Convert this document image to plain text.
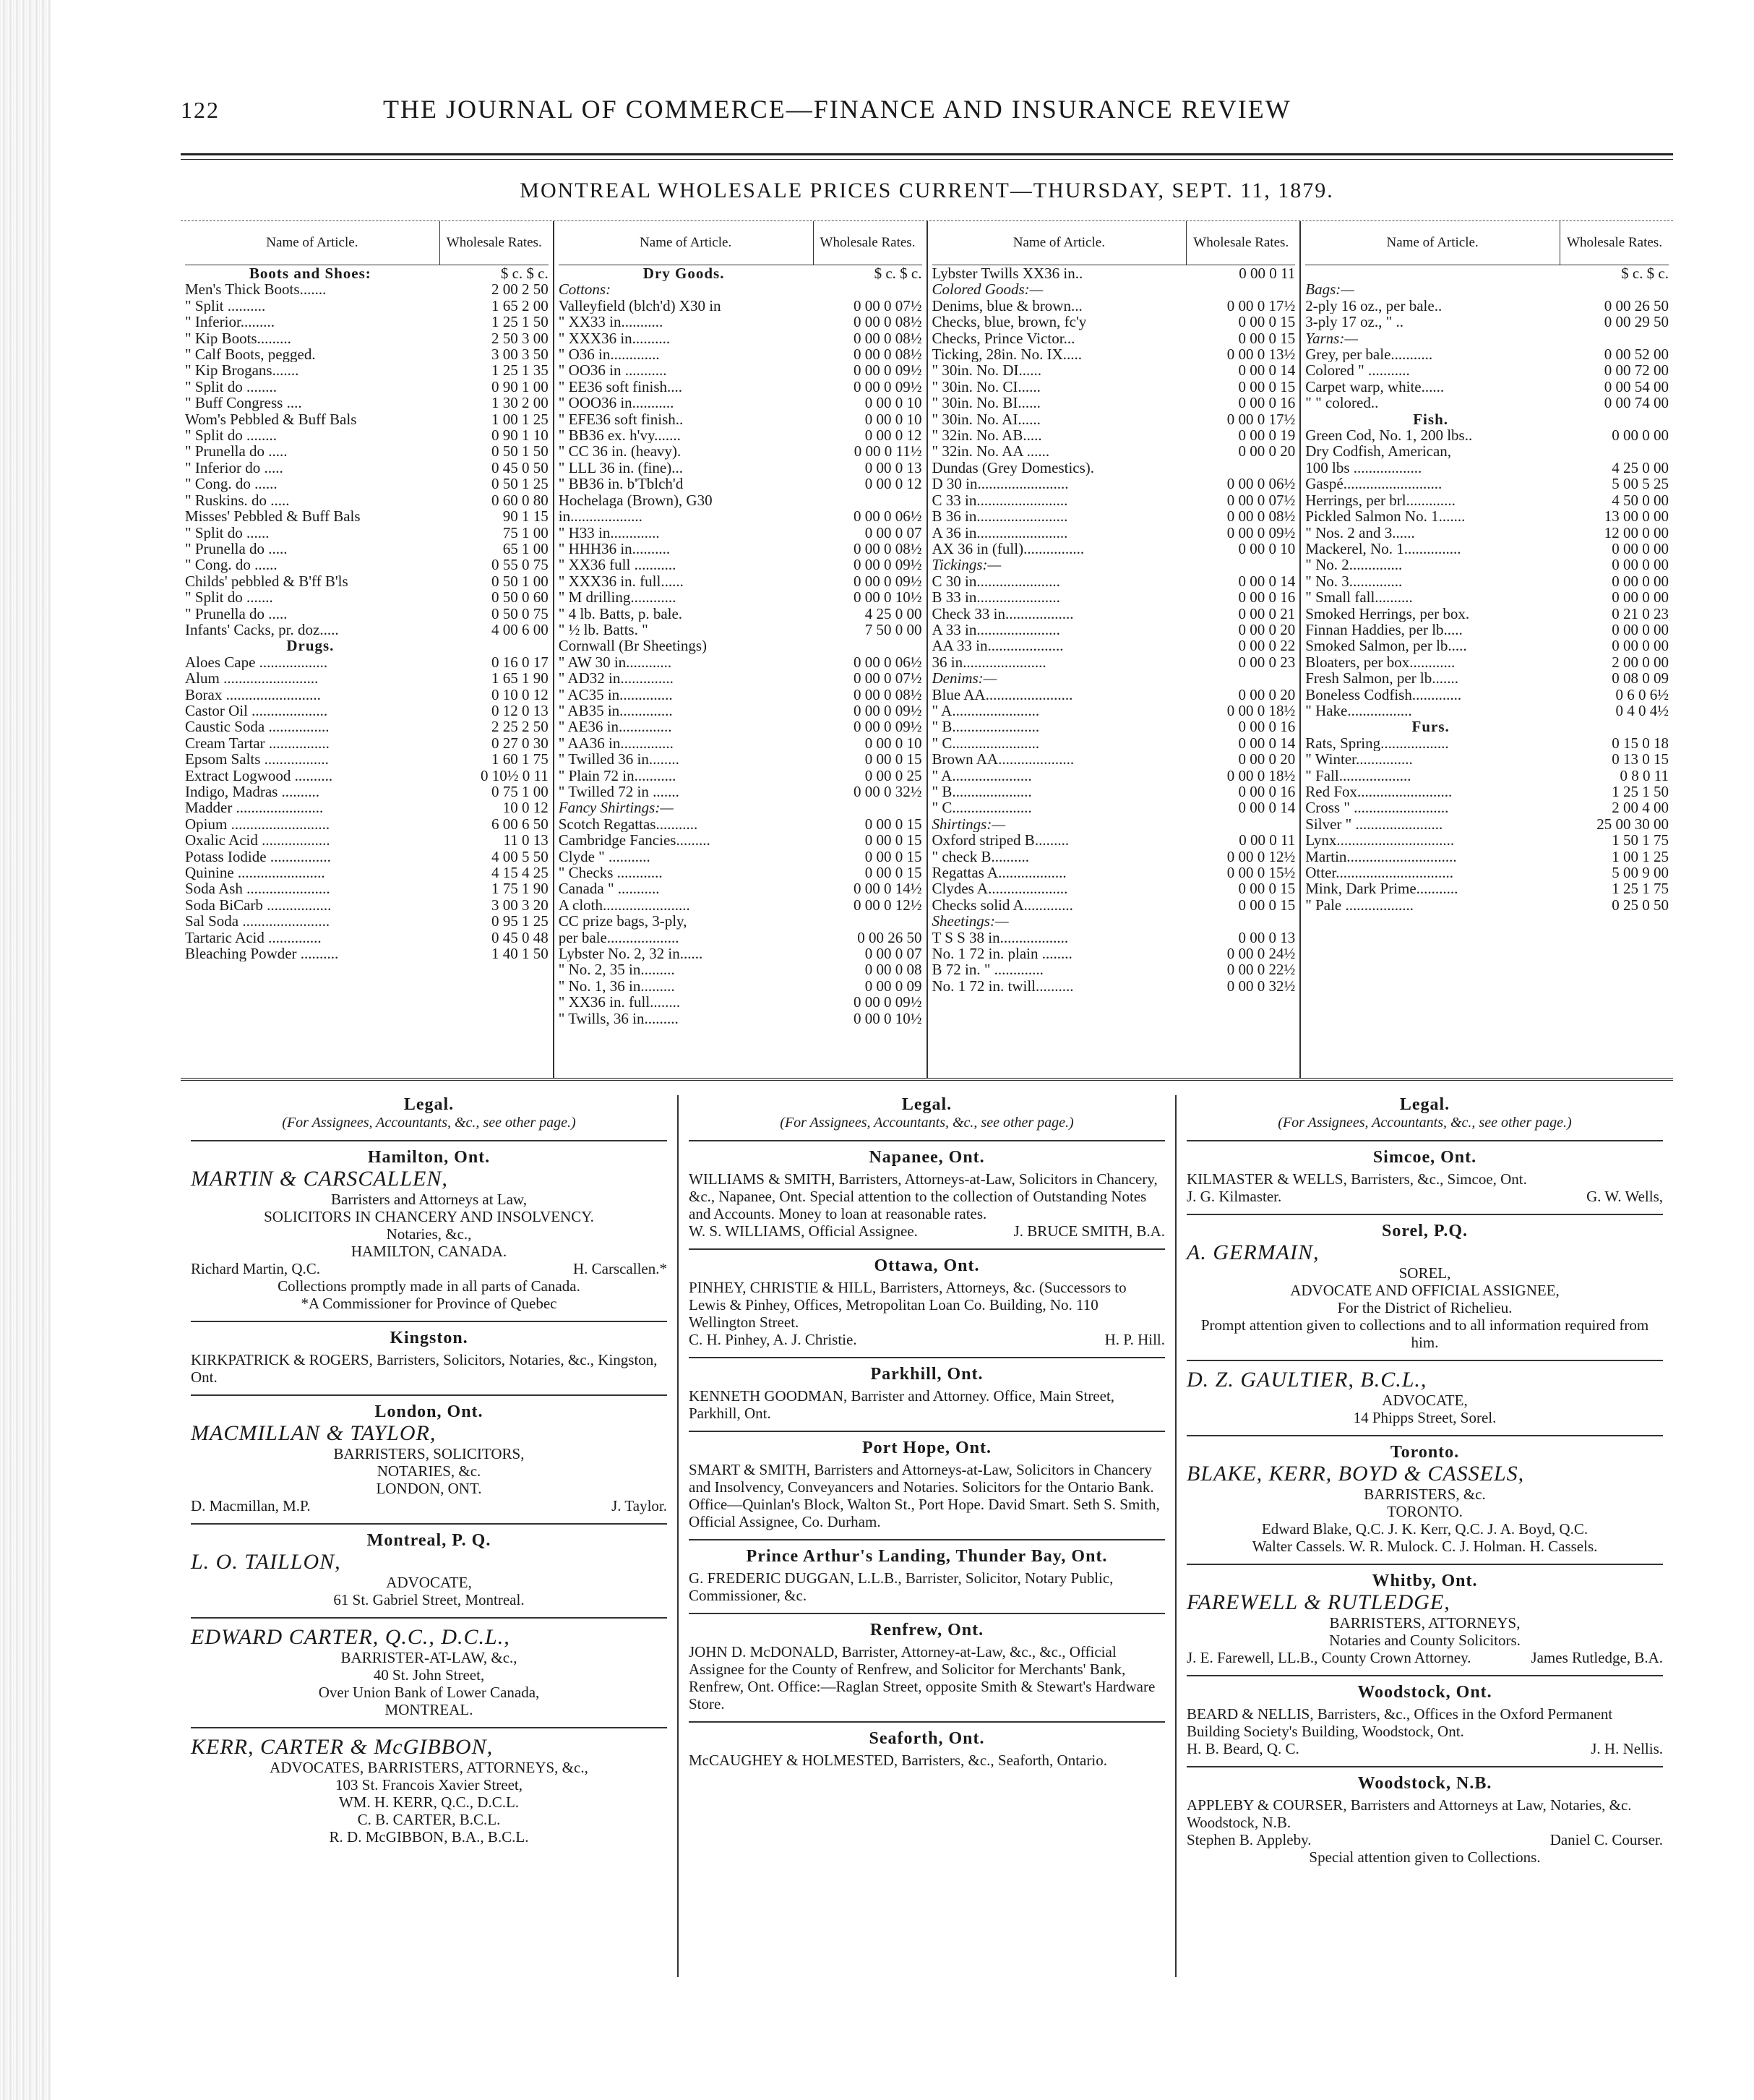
122	THE JOURNAL OF COMMERCE—FINANCE AND INSURANCE REVIEW
MONTREAL WHOLESALE PRICES CURRENT—THURSDAY, SEPT. 11, 1879.
Name of Article.	Wholesale Rates.
Boots and Shoes:	$ c. $ c.
Men's Thick Boots.......	2 00 2 50
" Split ..........	1 65 2 00
" Inferior.........	1 25 1 50
" Kip Boots.........	2 50 3 00
" Calf Boots, pegged.	3 00 3 50
" Kip Brogans.......	1 25 1 35
" Split do ........	0 90 1 00
" Buff Congress ....	1 30 2 00
Wom's Pebbled & Buff Bals	1 00 1 25
" Split do ........	0 90 1 10
" Prunella do .....	0 50 1 50
" Inferior do .....	0 45 0 50
" Cong. do ......	0 50 1 25
" Ruskins. do .....	0 60 0 80
Misses' Pebbled & Buff Bals	90 1 15
" Split do ......	75 1 00
" Prunella do .....	65 1 00
" Cong. do ......	0 55 0 75
Childs' pebbled & B'ff B'ls	0 50 1 00
" Split do .......	0 50 0 60
" Prunella do .....	0 50 0 75
Infants' Cacks, pr. doz.....	4 00 6 00
Drugs.
Aloes Cape ..................	0 16 0 17
Alum .........................	1 65 1 90
Borax .........................	0 10 0 12
Castor Oil ....................	0 12 0 13
Caustic Soda ................	2 25 2 50
Cream Tartar ................	0 27 0 30
Epsom Salts .................	1 60 1 75
Extract Logwood ..........	0 10½ 0 11
Indigo, Madras ..........	0 75 1 00
Madder .......................	10 0 12
Opium ..........................	6 00 6 50
Oxalic Acid ..................	11 0 13
Potass Iodide ................	4 00 5 50
Quinine .......................	4 15 4 25
Soda Ash ......................	1 75 1 90
Soda BiCarb .................	3 00 3 20
Sal Soda .......................	0 95 1 25
Tartaric Acid ..............	0 45 0 48
Bleaching Powder ..........	1 40 1 50
Name of Article.	Wholesale Rates.
Dry Goods.	$ c. $ c.
Cottons:
Valleyfield (blch'd) X30 in	0 00 0 07½
" XX33 in...........	0 00 0 08½
" XXX36 in..........	0 00 0 08½
" O36 in.............	0 00 0 08½
" OO36 in ...........	0 00 0 09½
" EE36 soft finish....	0 00 0 09½
" OOO36 in...........	0 00 0 10
" EFE36 soft finish..	0 00 0 10
" BB36 ex. h'vy.......	0 00 0 12
" CC 36 in. (heavy).	0 00 0 11½
" LLL 36 in. (fine)...	0 00 0 13
" BB36 in. b'Tblch'd	0 00 0 12
Hochelaga (Brown), G30
in...................	0 00 0 06½
" H33 in.............	0 00 0 07
" HHH36 in..........	0 00 0 08½
" XX36 full ...........	0 00 0 09½
" XXX36 in. full......	0 00 0 09½
" M drilling............	0 00 0 10½
" 4 lb. Batts, p. bale.	4 25 0 00
" ½ lb. Batts. "	7 50 0 00
Cornwall (Br Sheetings)
" AW 30 in............	0 00 0 06½
" AD32 in..............	0 00 0 07½
" AC35 in..............	0 00 0 08½
" AB35 in..............	0 00 0 09½
" AE36 in..............	0 00 0 09½
" AA36 in..............	0 00 0 10
" Twilled 36 in........	0 00 0 15
" Plain 72 in...........	0 00 0 25
" Twilled 72 in .......	0 00 0 32½
Fancy Shirtings:—
Scotch Regattas...........	0 00 0 15
Cambridge Fancies.........	0 00 0 15
Clyde " ...........	0 00 0 15
" Checks ............	0 00 0 15
Canada " ...........	0 00 0 14½
A cloth.......................	0 00 0 12½
CC prize bags, 3-ply,
per bale...................	0 00 26 50
Lybster No. 2, 32 in......	0 00 0 07
" No. 2, 35 in.........	0 00 0 08
" No. 1, 36 in.........	0 00 0 09
" XX36 in. full........	0 00 0 09½
" Twills, 36 in.........	0 00 0 10½
Name of Article.	Wholesale Rates.
Lybster Twills XX36 in..	0 00 0 11
Colored Goods:—
Denims, blue & brown...	0 00 0 17½
Checks, blue, brown, fc'y	0 00 0 15
Checks, Prince Victor...	0 00 0 15
Ticking, 28in. No. IX.....	0 00 0 13½
" 30in. No. DI......	0 00 0 14
" 30in. No. CI......	0 00 0 15
" 30in. No. BI......	0 00 0 16
" 30in. No. AI......	0 00 0 17½
" 32in. No. AB.....	0 00 0 19
" 32in. No. AA ......	0 00 0 20
Dundas (Grey Domestics).
D 30 in........................	0 00 0 06½
C 33 in........................	0 00 0 07½
B 36 in........................	0 00 0 08½
A 36 in........................	0 00 0 09½
AX 36 in (full)................	0 00 0 10
Tickings:—
C 30 in......................	0 00 0 14
B 33 in......................	0 00 0 16
Check 33 in..................	0 00 0 21
A 33 in......................	0 00 0 20
AA 33 in....................	0 00 0 22
36 in......................	0 00 0 23
Denims:—
Blue AA.......................	0 00 0 20
" A.......................	0 00 0 18½
" B.......................	0 00 0 16
" C.......................	0 00 0 14
Brown AA....................	0 00 0 20
" A.....................	0 00 0 18½
" B.....................	0 00 0 16
" C.....................	0 00 0 14
Shirtings:—
Oxford striped B.........	0 00 0 11
" check B..........	0 00 0 12½
Regattas A..................	0 00 0 15½
Clydes A.....................	0 00 0 15
Checks solid A.............	0 00 0 15
Sheetings:—
T S S 38 in..................	0 00 0 13
No. 1 72 in. plain ........	0 00 0 24½
B 72 in. " .............	0 00 0 22½
No. 1 72 in. twill..........	0 00 0 32½
Name of Article.	Wholesale Rates.
$ c. $ c.
Bags:—
2-ply 16 oz., per bale..	0 00 26 50
3-ply 17 oz., " ..	0 00 29 50
Yarns:—
Grey, per bale...........	0 00 52 00
Colored " ...........	0 00 72 00
Carpet warp, white......	0 00 54 00
" " colored..	0 00 74 00
Fish.
Green Cod, No. 1, 200 lbs..	0 00 0 00
Dry Codfish, American,
100 lbs ..................	4 25 0 00
Gaspé..........................	5 00 5 25
Herrings, per brl.............	4 50 0 00
Pickled Salmon No. 1.......	13 00 0 00
" Nos. 2 and 3......	12 00 0 00
Mackerel, No. 1...............	0 00 0 00
" No. 2..............	0 00 0 00
" No. 3..............	0 00 0 00
" Small fall..........	0 00 0 00
Smoked Herrings, per box.	0 21 0 23
Finnan Haddies, per lb.....	0 00 0 00
Smoked Salmon, per lb.....	0 00 0 00
Bloaters, per box............	2 00 0 00
Fresh Salmon, per lb.......	0 08 0 09
Boneless Codfish.............	0 6 0 6½
" Hake.................	0 4 0 4½
Furs.
Rats, Spring..................	0 15 0 18
" Winter...............	0 13 0 15
" Fall...................	0 8 0 11
Red Fox.........................	1 25 1 50
Cross " .........................	2 00 4 00
Silver " .......................	25 00 30 00
Lynx...............................	1 50 1 75
Martin.............................	1 00 1 25
Otter...............................	5 00 9 00
Mink, Dark Prime...........	1 25 1 75
" Pale ..................	0 25 0 50
Legal.
(For Assignees, Accountants, &c., see other page.)
Hamilton, Ont.
MARTIN & CARSCALLEN,
Barristers and Attorneys at Law,
SOLICITORS IN CHANCERY AND INSOLVENCY.
Notaries, &c.,
HAMILTON, CANADA.
Richard Martin, Q.C.	H. Carscallen.*
Collections promptly made in all parts of Canada.
*A Commissioner for Province of Quebec
Kingston.
KIRKPATRICK & ROGERS, Barristers, Solicitors, Notaries, &c., Kingston, Ont.
London, Ont.
MACMILLAN & TAYLOR,
BARRISTERS, SOLICITORS,
NOTARIES, &c.
LONDON, ONT.
D. Macmillan, M.P.	J. Taylor.
Montreal, P. Q.
L. O. TAILLON,
ADVOCATE,
61 St. Gabriel Street, Montreal.
EDWARD CARTER, Q.C., D.C.L.,
BARRISTER-AT-LAW, &c.,
40 St. John Street,
Over Union Bank of Lower Canada,
MONTREAL.
KERR, CARTER & McGIBBON,
ADVOCATES, BARRISTERS, ATTORNEYS, &c.,
103 St. Francois Xavier Street,
WM. H. KERR, Q.C., D.C.L.
C. B. CARTER, B.C.L.
R. D. McGIBBON, B.A., B.C.L.
Legal.
(For Assignees, Accountants, &c., see other page.)
Napanee, Ont.
WILLIAMS & SMITH, Barristers, Attorneys-at-Law, Solicitors in Chancery, &c., Napanee, Ont. Special attention to the collection of Outstanding Notes and Accounts. Money to loan at reasonable rates.
W. S. WILLIAMS, Official Assignee.	J. BRUCE SMITH, B.A.
Ottawa, Ont.
PINHEY, CHRISTIE & HILL, Barristers, Attorneys, &c. (Successors to Lewis & Pinhey, Offices, Metropolitan Loan Co. Building, No. 110 Wellington Street.
C. H. Pinhey, A. J. Christie.	H. P. Hill.
Parkhill, Ont.
KENNETH GOODMAN, Barrister and Attorney. Office, Main Street, Parkhill, Ont.
Port Hope, Ont.
SMART & SMITH, Barristers and Attorneys-at-Law, Solicitors in Chancery and Insolvency, Conveyancers and Notaries. Solicitors for the Ontario Bank. Office—Quinlan's Block, Walton St., Port Hope. David Smart. Seth S. Smith, Official Assignee, Co. Durham.
Prince Arthur's Landing, Thunder Bay, Ont.
G. FREDERIC DUGGAN, L.L.B., Barrister, Solicitor, Notary Public, Commissioner, &c.
Renfrew, Ont.
JOHN D. McDONALD, Barrister, Attorney-at-Law, &c., &c., Official Assignee for the County of Renfrew, and Solicitor for Merchants' Bank, Renfrew, Ont. Office:—Raglan Street, opposite Smith & Stewart's Hardware Store.
Seaforth, Ont.
McCAUGHEY & HOLMESTED, Barristers, &c., Seaforth, Ontario.
Legal.
(For Assignees, Accountants, &c., see other page.)
Simcoe, Ont.
KILMASTER & WELLS, Barristers, &c., Simcoe, Ont.
J. G. Kilmaster.	G. W. Wells,
Sorel, P.Q.
A. GERMAIN,
SOREL,
ADVOCATE AND OFFICIAL ASSIGNEE,
For the District of Richelieu.
Prompt attention given to collections and to all information required from him.
D. Z. GAULTIER, B.C.L.,
ADVOCATE,
14 Phipps Street, Sorel.
Toronto.
BLAKE, KERR, BOYD & CASSELS,
BARRISTERS, &c.
TORONTO.
Edward Blake, Q.C. J. K. Kerr, Q.C. J. A. Boyd, Q.C.
Walter Cassels. W. R. Mulock. C. J. Holman. H. Cassels.
Whitby, Ont.
FAREWELL & RUTLEDGE,
BARRISTERS, ATTORNEYS,
Notaries and County Solicitors.
J. E. Farewell, LL.B., County Crown Attorney.	James Rutledge, B.A.
Woodstock, Ont.
BEARD & NELLIS, Barristers, &c., Offices in the Oxford Permanent Building Society's Building, Woodstock, Ont.
H. B. Beard, Q. C.	J. H. Nellis.
Woodstock, N.B.
APPLEBY & COURSER, Barristers and Attorneys at Law, Notaries, &c. Woodstock, N.B.
Stephen B. Appleby.	Daniel C. Courser.
Special attention given to Collections.
